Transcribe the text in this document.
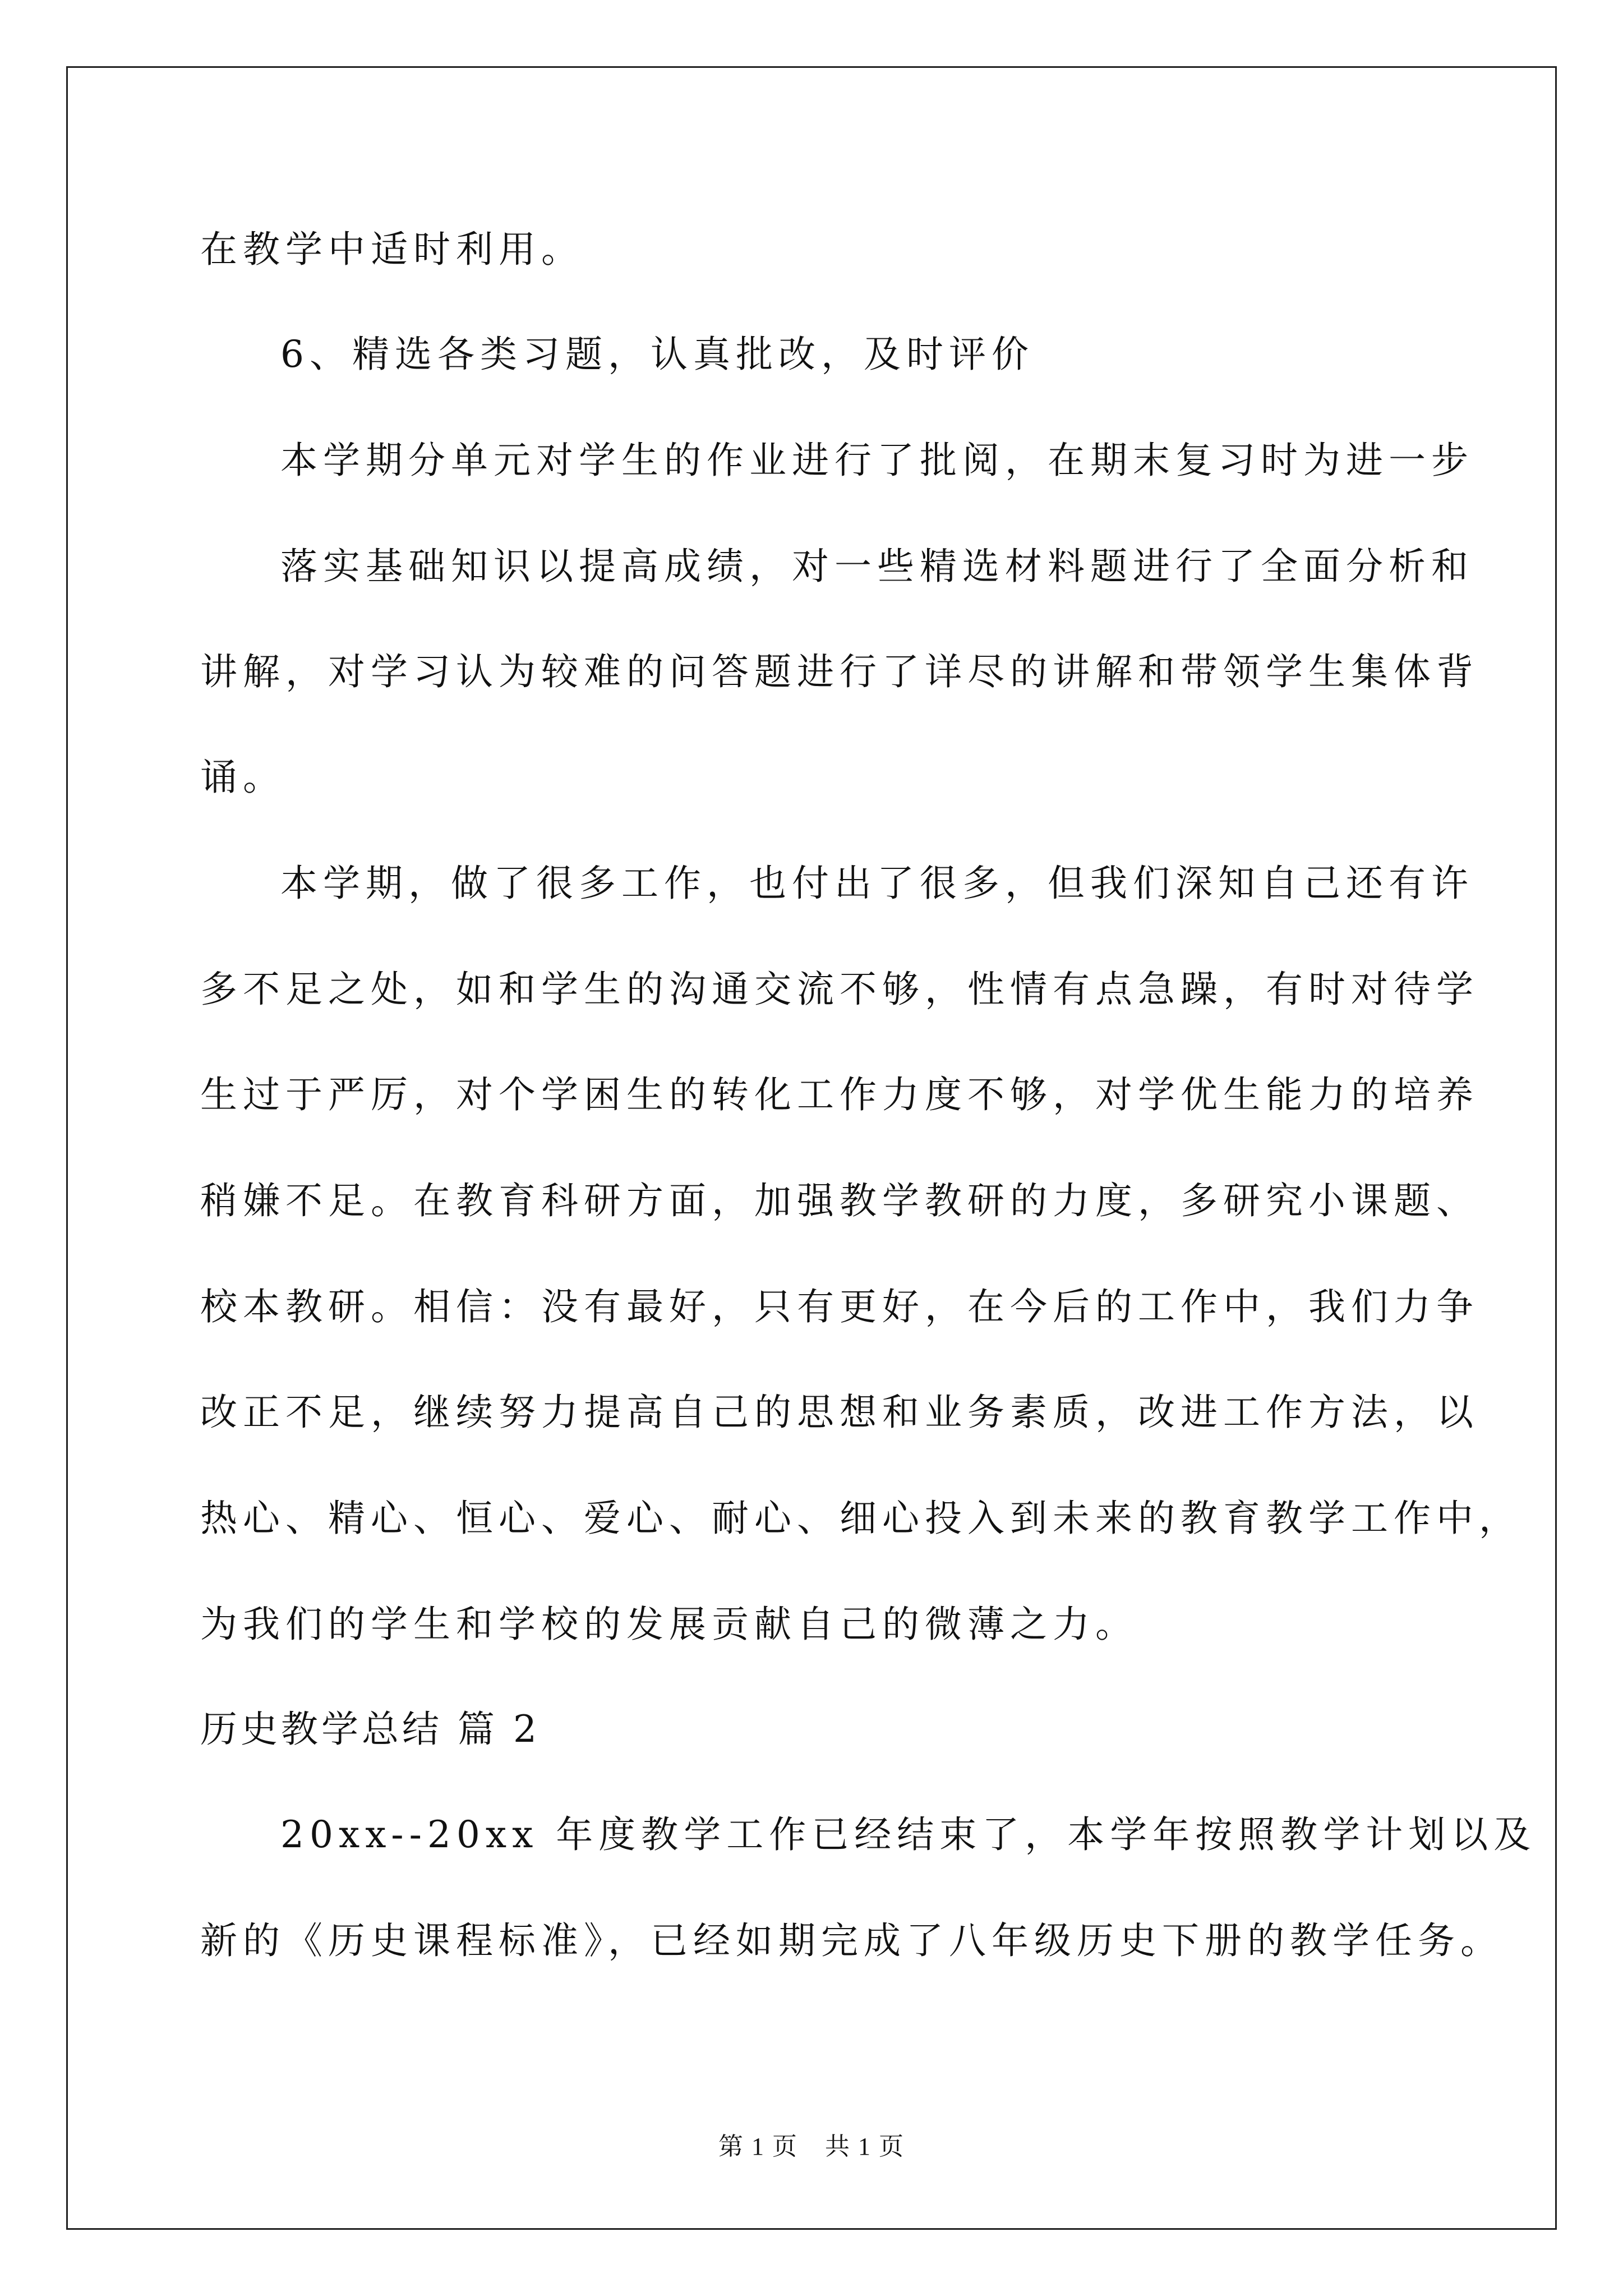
在教学中适时利用。

6、精选各类习题，认真批改，及时评价

本学期分单元对学生的作业进行了批阅，在期末复习时为进一步

落实基础知识以提高成绩，对一些精选材料题进行了全面分析和

讲解，对学习认为较难的问答题进行了详尽的讲解和带领学生集体背

诵。

本学期，做了很多工作，也付出了很多，但我们深知自己还有许

多不足之处，如和学生的沟通交流不够，性情有点急躁，有时对待学

生过于严厉，对个学困生的转化工作力度不够，对学优生能力的培养

稍嫌不足。在教育科研方面，加强教学教研的力度，多研究小课题、

校本教研。相信：没有最好，只有更好，在今后的工作中，我们力争

改正不足，继续努力提高自己的思想和业务素质，改进工作方法，以

热心、精心、恒心、爱心、耐心、细心投入到未来的教育教学工作中，

为我们的学生和学校的发展贡献自己的微薄之力。

历史教学总结 篇 2

20xx--20xx 年度教学工作已经结束了，本学年按照教学计划以及

新的《历史课程标准》，已经如期完成了八年级历史下册的教学任务。

第 1 页 共 1 页
